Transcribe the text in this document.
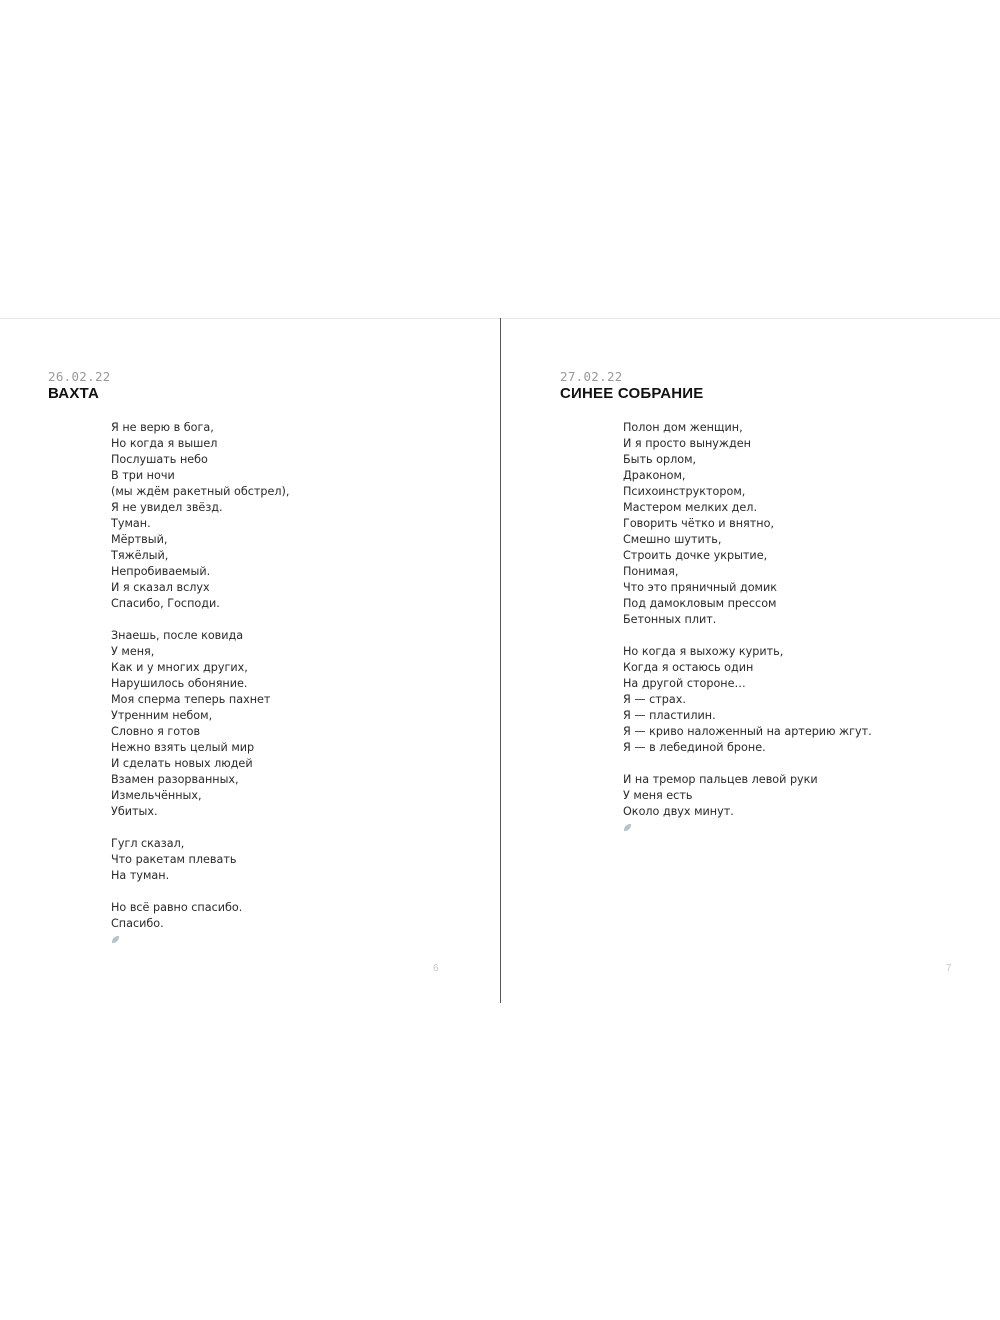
26.02.22
ВАХТА
Я не верю в бога,
Но когда я вышел
Послушать небо
В три ночи
(мы ждём ракетный обстрел),
Я не увидел звёзд.
Туман.
Мёртвый,
Тяжёлый,
Непробиваемый.
И я сказал вслух
Спасибо, Господи.
Знаешь, после ковида
У меня,
Как и у многих других,
Нарушилось обоняние.
Моя сперма теперь пахнет
Утренним небом,
Словно я готов
Нежно взять целый мир
И сделать новых людей
Взамен разорванных,
Измельчённых,
Убитых.
Гугл сказал,
Что ракетам плевать
На туман.
Но всё равно спасибо.
Спасибо.
6
27.02.22
СИНЕЕ СОБРАНИЕ
Полон дом женщин,
И я просто вынужден
Быть орлом,
Драконом,
Психоинструктором,
Мастером мелких дел.
Говорить чётко и внятно,
Смешно шутить,
Строить дочке укрытие,
Понимая,
Что это пряничный домик
Под дамокловым прессом
Бетонных плит.
Но когда я выхожу курить,
Когда я остаюсь один
На другой стороне…
Я — страх.
Я — пластилин.
Я — криво наложенный на артерию жгут.
Я — в лебединой броне.
И на тремор пальцев левой руки
У меня есть
Около двух минут.
7
